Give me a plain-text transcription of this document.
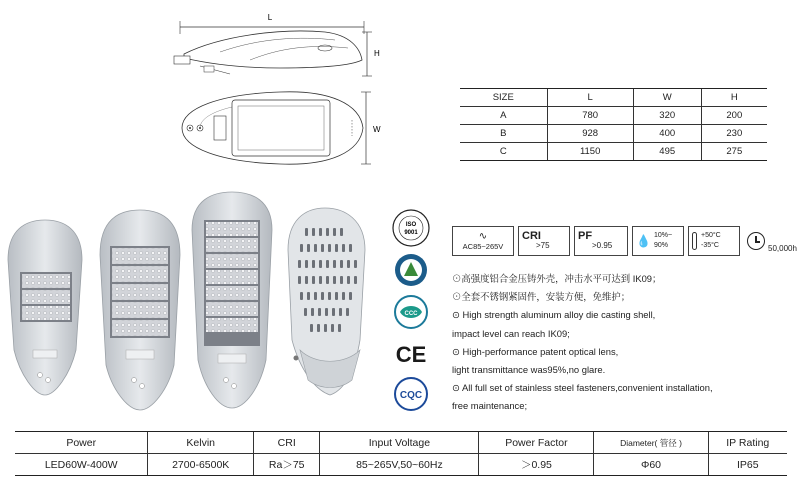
L
H
W
SIZE	L	W	H
A	780	320	200
B	928	400	230
C	1150	495	275
ISO
9001
CCC
CE
CQC
∿
AC85~265V
CRI
>75
PF
>0.95 💧 10%~
90%
+50°C
-35°C	50,000h
⊙高强度铝合金压铸外壳，冲击水平可达到 IK09；
⊙全套不锈钢紧固件，安装方便，免维护；
⊙ High strength aluminum alloy die casting shell,
impact level can reach IK09;
⊙ High-performance patent optical lens,
light transmittance was95%,no glare.
⊙ All full set of stainless steel fasteners,convenient installation,
free maintenance;
Power	Kelvin	CRI	Input Voltage	Power Factor	Diameter( 管径 )	IP Rating
LED60W-400W	2700-6500K	Ra＞75	85~265V,50~60Hz	＞0.95	Φ60	IP65
